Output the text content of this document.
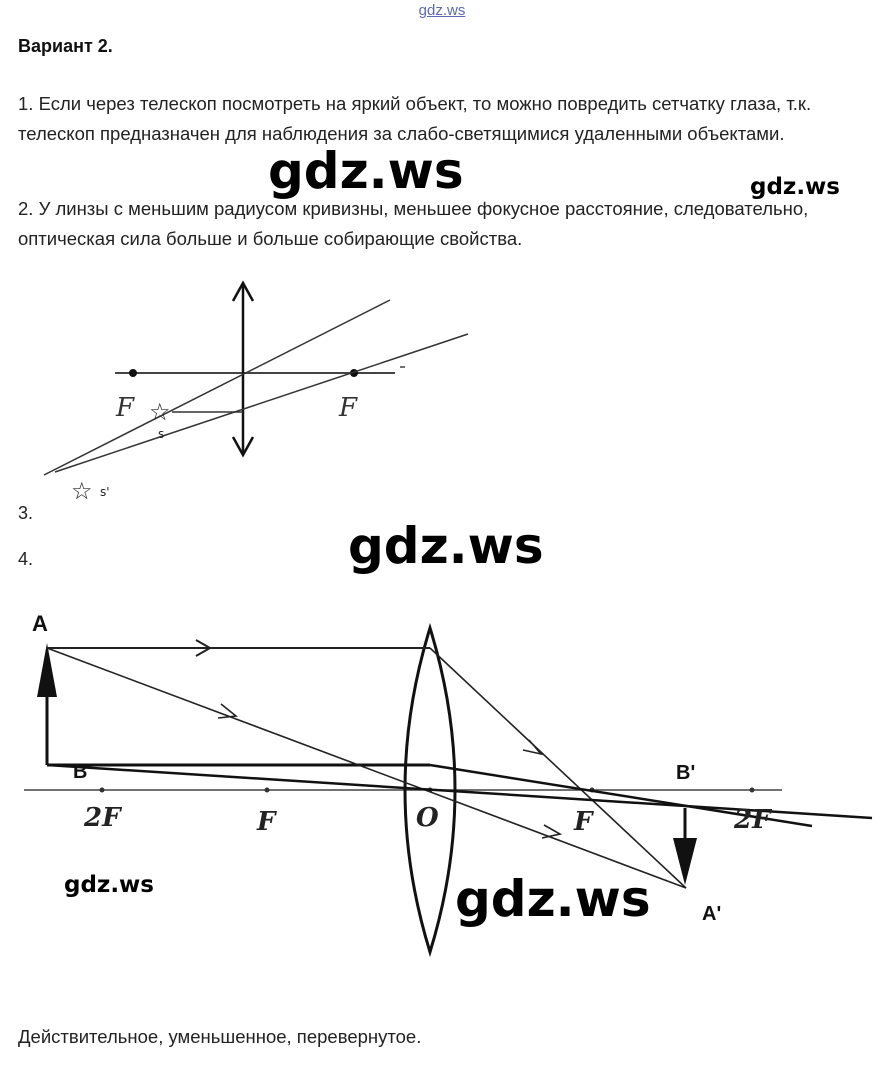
gdz.ws
Вариант 2.
1. Если через телескоп посмотреть на яркий объект, то можно повредить сетчатку глаза, т.к. телескоп предназначен для наблюдения за слабо-светящимися удаленными объектами.
2. У линзы с меньшим радиусом кривизны, меньшее фокусное расстояние, следовательно, оптическая сила больше и больше собирающие свойства.
gdz.ws	gdz.ws
gdz.ws
gdz.ws	gdz.ws
F	F
☆
s
☆ s'
3.
4.
A
B	B'
A'
2F	F	O	F	2F
Действительное, уменьшенное, перевернутое.
